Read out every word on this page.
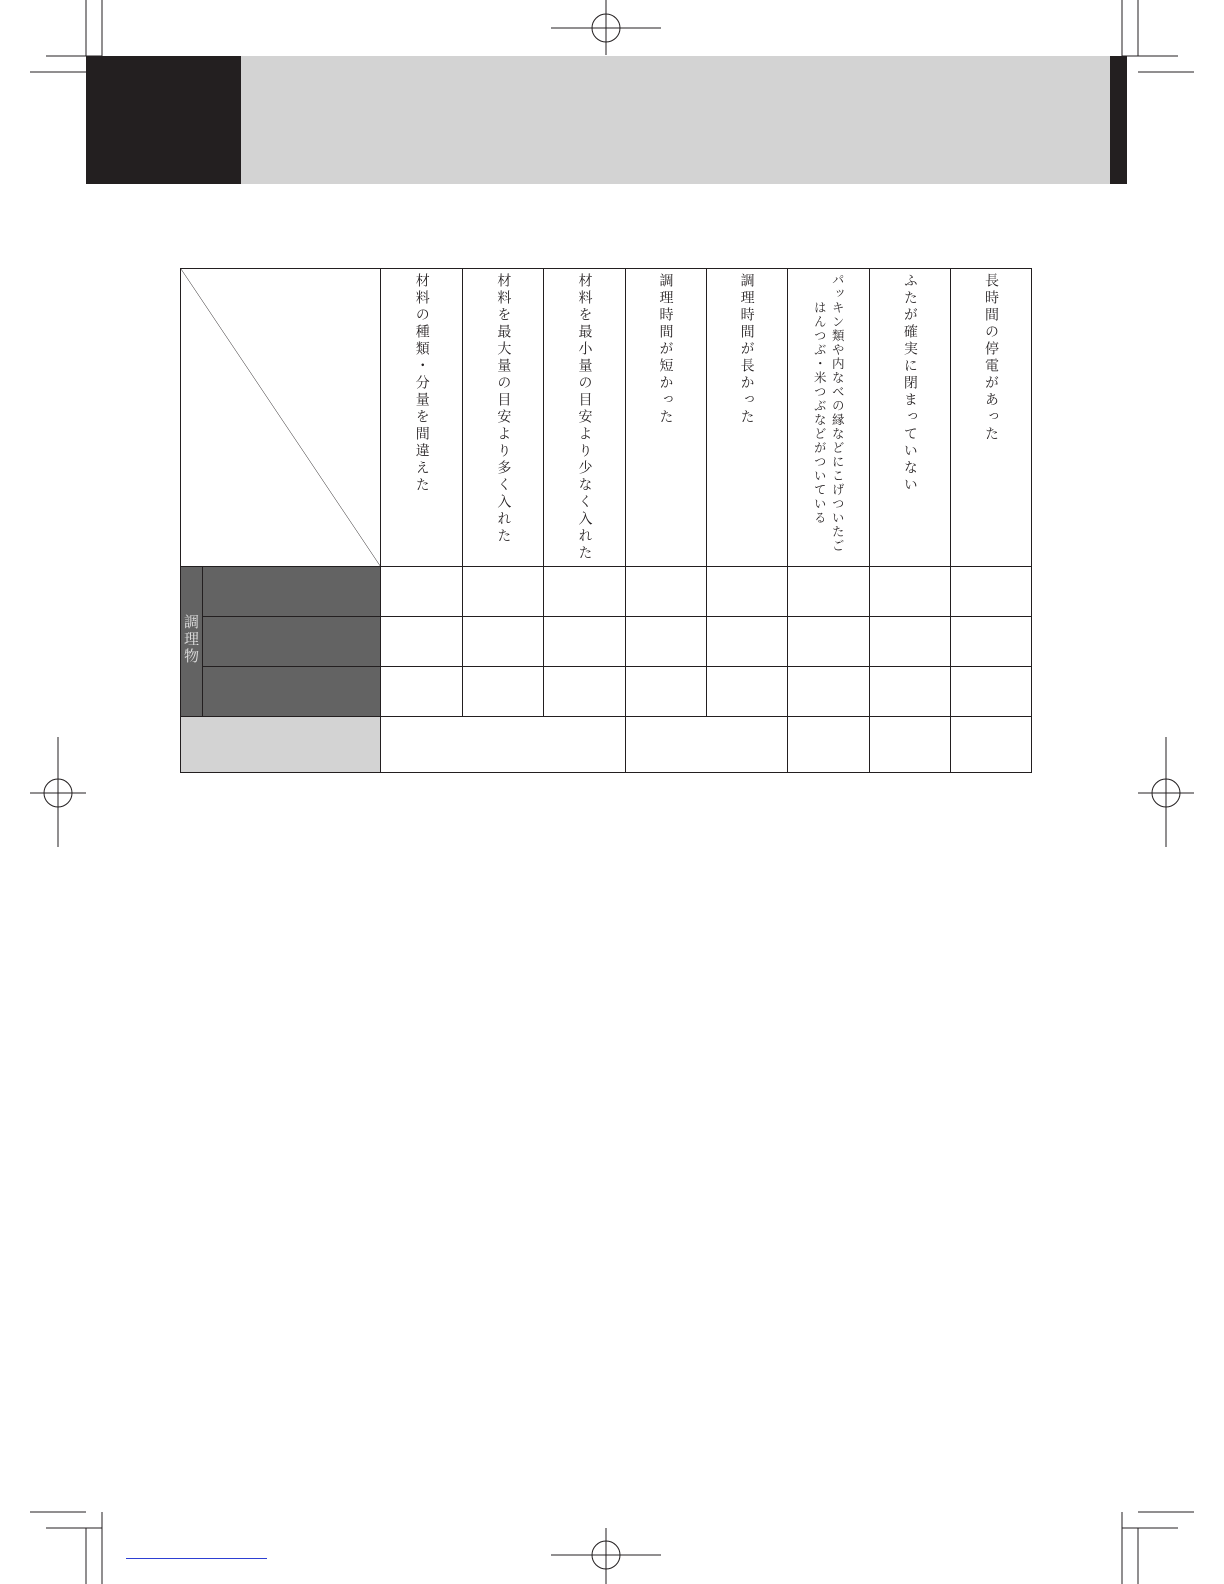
	材料の種類・分量を間違えた	材料を最大量の目安より多く入れた	材料を最小量の目安より少なく入れた	調理時間が短かった	調理時間が長かった	パッキン類や内なべの縁などにこげついたご
はんつぶ・米つぶなどがついている	ふたが確実に閉まっていない	長時間の停電があった
調理物									
